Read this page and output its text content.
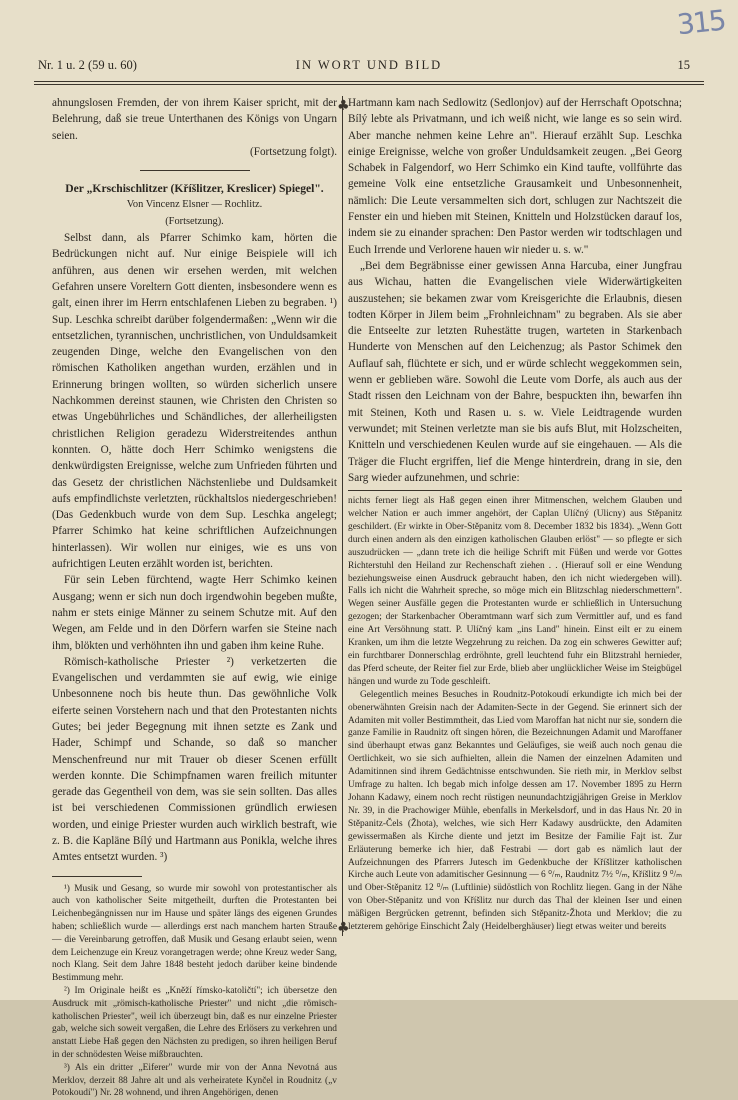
315
Nr. 1 u. 2 (59 u. 60)	IN WORT UND BILD	15
♣
♣

ahnungslosen Fremden, der von ihrem Kaiser spricht, mit der Belehrung, daß sie treue Unterthanen des Königs von Ungarn seien.

(Fortsetzung folgt).

Der „Krschischlitzer (Kříšlitzer, Kreslicer) Spiegel".

Von Vincenz Elsner — Rochlitz.

(Fortsetzung).

Selbst dann, als Pfarrer Schimko kam, hörten die Bedrückungen nicht auf. Nur einige Beispiele will ich anführen, aus denen wir ersehen werden, mit welchen Gefahren unsere Voreltern Gott dienten, insbesondere wenn es galt, einen ihrer im Herrn entschlafenen Lieben zu begraben. ¹) Sup. Leschka schreibt darüber folgendermaßen: „Wenn wir die entsetzlichen, tyrannischen, unchristlichen, von Unduldsamkeit zeugenden Dinge, welche den Evangelischen von den römischen Katholiken angethan wurden, erzählen und in Erinnerung bringen wollten, so würden sicherlich unsere Nachkommen dereinst staunen, wie Christen den Christen so etwas Ungebührliches und Schändliches, der allerheiligsten christlichen Religion geradezu Widerstreitendes anthun konnten. O, hätte doch Herr Schimko wenigstens die denkwürdigsten Ereignisse, welche zum Unfrieden führten und das Gesetz der christlichen Nächstenliebe und Duldsamkeit aufs empfindlichste verletzten, rückhaltslos niedergeschrieben! (Das Gedenkbuch wurde von dem Sup. Leschka angelegt; Pfarrer Schimko hat keine schriftlichen Aufzeichnungen hinterlassen). Wir wollen nur einiges, wie es uns von aufrichtigen Leuten erzählt worden ist, berichten.

Für sein Leben fürchtend, wagte Herr Schimko keinen Ausgang; wenn er sich nun doch irgendwohin begeben mußte, nahm er stets einige Männer zu seinem Schutze mit. Auf den Wegen, am Felde und in den Dörfern warfen sie Steine nach ihm, blökten und verhöhnten ihn und gaben ihm keine Ruhe.

Römisch-katholische Priester ²) verketzerten die Evangelischen und verdammten sie auf ewig, wie einige Unbesonnene noch bis heute thun. Das gewöhnliche Volk eiferte seinen Vorstehern nach und that den Protestanten nichts Gutes; bei jeder Begegnung mit ihnen setzte es Zank und Hader, Schimpf und Schande, so daß so mancher Menschenfreund nur mit Trauer ob dieser Scenen erfüllt werden konnte. Die Schimpfnamen waren freilich mitunter gerade das Gegentheil von dem, was sie sein sollten. Das alles ist bei verschiedenen Commissionen gründlich erwiesen worden, und einige Priester wurden auch wirklich bestraft, wie z. B. die Kapläne Bílý und Hartmann aus Ponikla, welche ihres Amtes entsetzt wurden. ³)

¹) Musik und Gesang, so wurde mir sowohl von protestantischer als auch von katholischer Seite mitgetheilt, durften die Protestanten bei Leichenbegängnissen nur im Hause und später längs des eigenen Grundes haben; schließlich wurde — allerdings erst nach manchem harten Strauße — die Vereinbarung getroffen, daß Musik und Gesang erlaubt seien, wenn dem Leichenzuge ein Kreuz vorangetragen werde; ohne Kreuz weder Sang, noch Klang. Seit dem Jahre 1848 besteht jedoch darüber keine bindende Bestimmung mehr.

²) Im Originale heißt es „Kněží římsko-katoličtí"; ich übersetze den Ausdruck mit „römisch-katholische Priester" und nicht „die römisch-katholischen Priester", weil ich überzeugt bin, daß es nur einzelne Priester gab, welche sich soweit vergaßen, die Lehre des Erlösers zu verkehren und anstatt Liebe Haß gegen den Nächsten zu predigen, so ihren heiligen Beruf in der schnödesten Weise mißbrauchten.

³) Als ein dritter „Eiferer" wurde mir von der Anna Nevotná aus Merklov, derzeit 88 Jahre alt und als verheiratete Kynčel in Roudnitz („v Potokoudí") Nr. 28 wohnend, und ihren Angehörigen, denen

Hartmann kam nach Sedlowitz (Sedlonjov) auf der Herrschaft Opotschna; Bílý lebte als Privatmann, und ich weiß nicht, wie lange es so sein wird. Aber manche nehmen keine Lehre an". Hierauf erzählt Sup. Leschka einige Ereignisse, welche von großer Unduldsamkeit zeugen. „Bei Georg Schabek in Falgendorf, wo Herr Schimko ein Kind taufte, vollführte das gemeine Volk eine entsetzliche Grausamkeit und Unbesonnenheit, nämlich: Die Leute versammelten sich dort, schlugen zur Nachtszeit die Fenster ein und hieben mit Steinen, Knitteln und Holzstücken darauf los, indem sie zu einander sprachen: Den Pastor werden wir todtschlagen und Euch Irrende und Verlorene hauen wir nieder u. s. w."

„Bei dem Begräbnisse einer gewissen Anna Harcuba, einer Jungfrau aus Wichau, hatten die Evangelischen viele Widerwärtigkeiten auszustehen; sie bekamen zwar vom Kreisgerichte die Erlaubnis, diesen todten Körper in Jilem beim „Frohnleichnam" zu begraben. Als sie aber die Entseelte zur letzten Ruhestätte trugen, warteten in Starkenbach Hunderte von Menschen auf den Leichenzug; als Pastor Schimek den Auflauf sah, flüchtete er sich, und er würde schlecht weggekommen sein, wenn er geblieben wäre. Sowohl die Leute vom Dorfe, als auch aus der Stadt rissen den Leichnam von der Bahre, bespuckten ihn, bewarfen ihn mit Steinen, Koth und Rasen u. s. w. Viele Leidtragende wurden verwundet; mit Steinen verletzte man sie bis aufs Blut, mit Holzscheiten, Knitteln und verschiedenen Keulen wurde auf sie eingehauen. — Als die Träger die Flucht ergriffen, lief die Menge hinterdrein, drang in sie, den Sarg wieder aufzunehmen, und schrie:

nichts ferner liegt als Haß gegen einen ihrer Mitmenschen, welchem Glauben und welcher Nation er auch immer angehört, der Caplan Ulíčný (Ulicny) aus Stěpanitz geschildert. (Er wirkte in Ober-Stěpanitz vom 8. December 1832 bis 1834). „Wenn Gott durch einen andern als den einzigen katholischen Glauben erlöst" — so pflegte er sich auszudrücken — „dann trete ich die heilige Schrift mit Füßen und werde vor Gottes Richterstuhl den Heiland zur Rechenschaft ziehen . . (Hierauf soll er eine Wendung beziehungsweise einen Ausdruck gebraucht haben, den ich nicht wiedergeben will). Falls ich nicht die Wahrheit spreche, so möge mich ein Blitzschlag niederschmettern". Wegen seiner Ausfälle gegen die Protestanten wurde er schließlich in Untersuchung gezogen; der Starkenbacher Oberamtmann warf sich zum Vermittler auf, und es fand eine Art Versöhnung statt. P. Ulíčný kam „ins Land" hinein. Einst eilt er zu einem Kranken, um ihm die letzte Wegzehrung zu reichen. Da zog ein schweres Gewitter auf; ein furchtbarer Donnerschlag erdröhnte, grell leuchtend fuhr ein Blitzstrahl hernieder, das Pferd scheute, der Reiter fiel zur Erde, blieb aber unglücklicher Weise im Steigbügel hängen und wurde zu Tode geschleift.

Gelegentlich meines Besuches in Roudnitz-Potokoudí erkundigte ich mich bei der obenerwähnten Greisin nach der Adamiten-Secte in der Gegend. Sie erinnert sich der Adamiten mit voller Bestimmtheit, das Lied vom Maroffan hat nicht nur sie, sondern die ganze Familie in Raudnitz oft singen hören, die Bezeichnungen Adamit und Maroffaner sind überhaupt etwas ganz Bekanntes und Geläufiges, sie weiß auch noch genau die Oertlichkeit, wo sie sich aufhielten, allein die Namen der einzelnen Adamiten und Adamitinnen sind ihrem Gedächtnisse entschwunden. Sie rieth mir, in Merklov selbst Umfrage zu halten. Ich begab mich infolge dessen am 17. November 1895 zu Herrn Johann Kadawy, einem noch recht rüstigen neunundachtzigjährigen Greise in Merklov Nr. 39, in die Prachowiger Mühle, ebenfalls in Merkelsdorf, und in das Haus Nr. 20 in Stěpanitz-Čels (Žhota), welches, wie sich Herr Kadawy ausdrückte, den Adamiten gewissermaßen als Kirche diente und jetzt im Besitze der Familie Fajt ist. Zur Erläuterung bemerke ich hier, daß Festrabi — dort gab es nämlich laut der Aufzeichnungen des Pfarrers Jutesch im Gedenkbuche der Kříšlitzer katholischen Kirche auch Leute von adamitischer Gesinnung — 6 ⁰/ₘ, Raudnitz 7½ ⁰/ₘ, Kříšlitz 9 ⁰/ₘ und Ober-Stěpanitz 12 ⁰/ₘ (Luftlinie) südöstlich von Rochlitz liegen. Gang in der Nähe von Ober-Stěpanitz und von Kříšlitz nur durch das Thal der kleinen Iser und einen mäßigen Bergrücken getrennt, befinden sich Stěpanitz-Žhota und Merklov; die zu letzterem gehörige Einschicht Žaly (Heidelberghäuser) liegt etwas weiter und bereits
